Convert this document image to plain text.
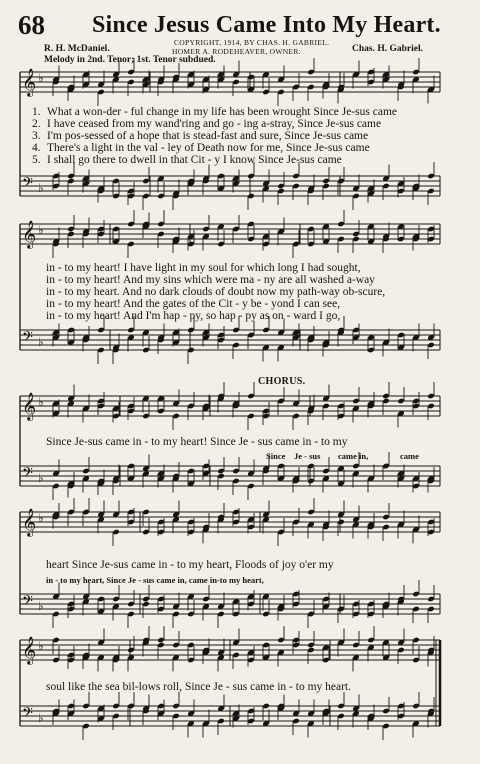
68 Since Jesus Came Into My Heart.
COPYRIGHT, 1914, BY CHAS. H. GABRIEL.
HOMER A. RODEHEAVER, OWNER.
R. H. McDaniel.	Chas. H. Gabriel.
Melody in 2nd. Tenor; 1st. Tenor subdued.
𝄞 ♭
𝄢 ♭
𝄞 ♭
𝄢 ♭
𝄞 ♭
𝄢 ♭
𝄞 ♭
𝄢 ♭
𝄞 ♭
𝄢 ♭
1. What a won-der - ful change in my life has been wrought Since Je-sus came
2. I have ceased from my wand'ring and go - ing a-stray, Since Je-sus came
3. I'm pos-sessed of a hope that is stead-fast and sure, Since Je-sus came
4. There's a light in the val - ley of Death now for me, Since Je-sus came
5. I shall go there to dwell in that Cit - y I know Since Je-sus came
in - to my heart! I have light in my soul for which long I had sought,
in - to my heart! And my sins which were ma - ny are all washed a-way
in - to my heart. And no dark clouds of doubt now my path-way ob-scure,
in - to my heart! And the gates of the Cit - y be - yond I can see,
in - to my heart! And I'm hap - py, so hap - py as on - ward I go,
CHORUS.
Since Je-sus came in - to my heart! Since Je - sus came in - to my
Since Je - sus came in,	came
heart Since Je-sus came in - to my heart, Floods of joy o'er my
in - to my heart, Since Je - sus came in, came in-to my heart,
soul like the sea bil-lows roll, Since Je - sus came in - to my heart.
